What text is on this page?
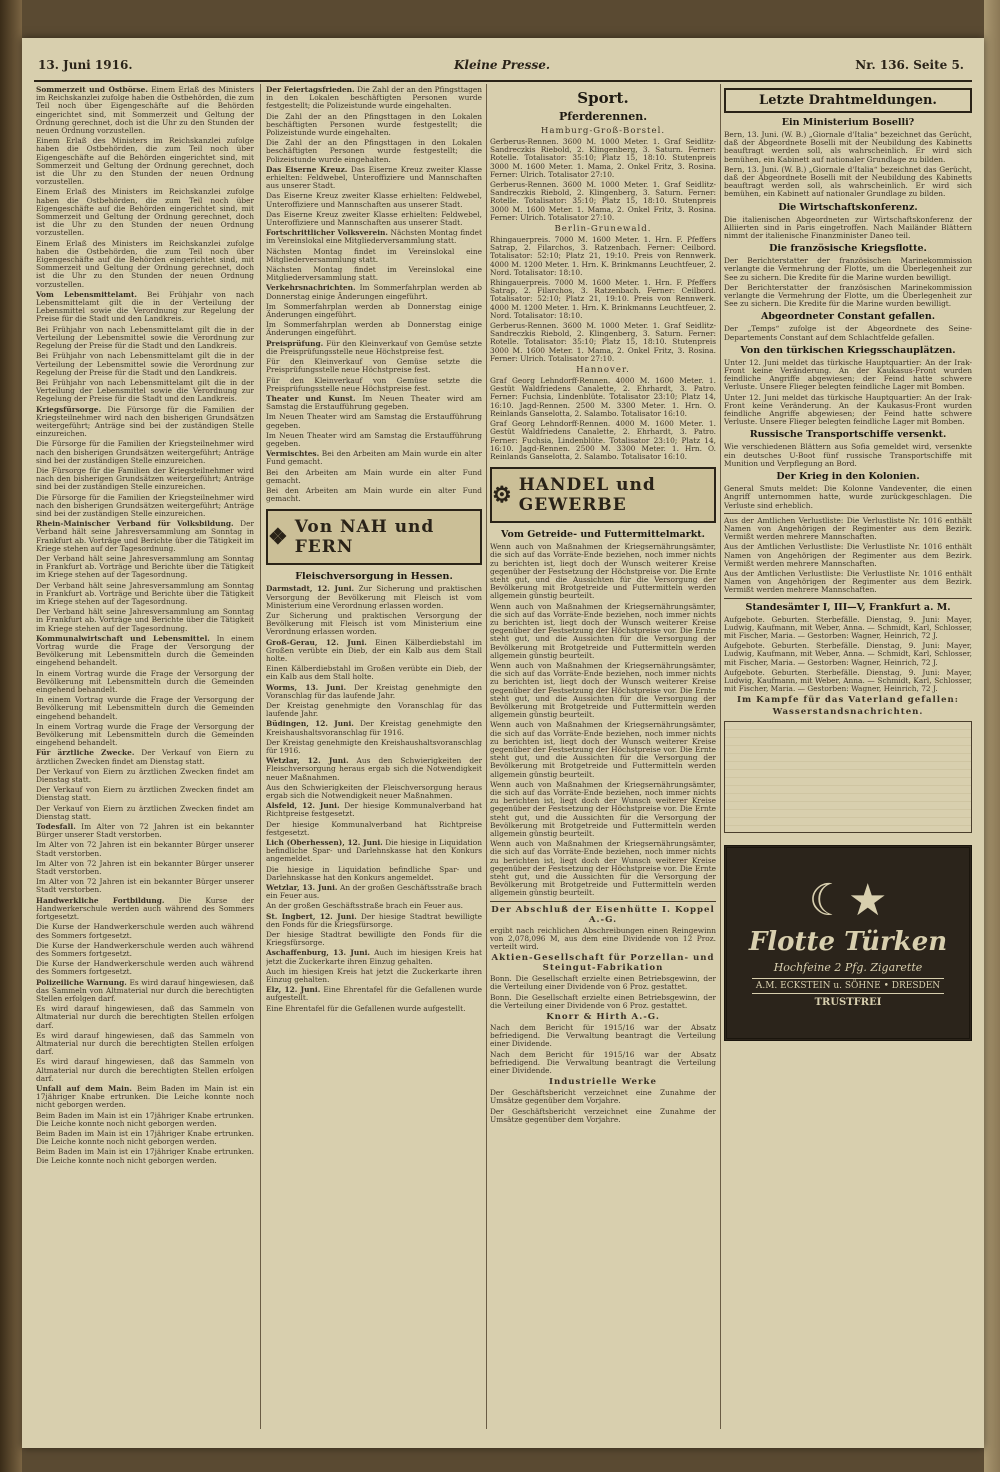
13. Juni 1916.	Kleine Presse.	Nr. 136. Seite 5.

Sommerzeit und Ostbörse. Einem Erlaß des Ministers im Reichskanzlei zufolge haben die Ostbehörden, die zum Teil noch über Eigengeschäfte auf die Behörden eingerichtet sind, mit Sommerzeit und Geltung der Ordnung gerechnet, doch ist die Uhr zu den Stunden der neuen Ordnung vorzustellen.

Einem Erlaß des Ministers im Reichskanzlei zufolge haben die Ostbehörden, die zum Teil noch über Eigengeschäfte auf die Behörden eingerichtet sind, mit Sommerzeit und Geltung der Ordnung gerechnet, doch ist die Uhr zu den Stunden der neuen Ordnung vorzustellen.

Einem Erlaß des Ministers im Reichskanzlei zufolge haben die Ostbehörden, die zum Teil noch über Eigengeschäfte auf die Behörden eingerichtet sind, mit Sommerzeit und Geltung der Ordnung gerechnet, doch ist die Uhr zu den Stunden der neuen Ordnung vorzustellen.

Einem Erlaß des Ministers im Reichskanzlei zufolge haben die Ostbehörden, die zum Teil noch über Eigengeschäfte auf die Behörden eingerichtet sind, mit Sommerzeit und Geltung der Ordnung gerechnet, doch ist die Uhr zu den Stunden der neuen Ordnung vorzustellen.

Vom Lebensmittelamt. Bei Frühjahr von nach Lebensmittelamt gilt die in der Verteilung der Lebensmittel sowie die Verordnung zur Regelung der Preise für die Stadt und den Landkreis.

Bei Frühjahr von nach Lebensmittelamt gilt die in der Verteilung der Lebensmittel sowie die Verordnung zur Regelung der Preise für die Stadt und den Landkreis.

Bei Frühjahr von nach Lebensmittelamt gilt die in der Verteilung der Lebensmittel sowie die Verordnung zur Regelung der Preise für die Stadt und den Landkreis.

Bei Frühjahr von nach Lebensmittelamt gilt die in der Verteilung der Lebensmittel sowie die Verordnung zur Regelung der Preise für die Stadt und den Landkreis.

Kriegsfürsorge. Die Fürsorge für die Familien der Kriegsteilnehmer wird nach den bisherigen Grundsätzen weitergeführt; Anträge sind bei der zuständigen Stelle einzureichen.

Die Fürsorge für die Familien der Kriegsteilnehmer wird nach den bisherigen Grundsätzen weitergeführt; Anträge sind bei der zuständigen Stelle einzureichen.

Die Fürsorge für die Familien der Kriegsteilnehmer wird nach den bisherigen Grundsätzen weitergeführt; Anträge sind bei der zuständigen Stelle einzureichen.

Die Fürsorge für die Familien der Kriegsteilnehmer wird nach den bisherigen Grundsätzen weitergeführt; Anträge sind bei der zuständigen Stelle einzureichen.

Rhein-Mainischer Verband für Volksbildung. Der Verband hält seine Jahresversammlung am Sonntag in Frankfurt ab. Vorträge und Berichte über die Tätigkeit im Kriege stehen auf der Tagesordnung.

Der Verband hält seine Jahresversammlung am Sonntag in Frankfurt ab. Vorträge und Berichte über die Tätigkeit im Kriege stehen auf der Tagesordnung.

Der Verband hält seine Jahresversammlung am Sonntag in Frankfurt ab. Vorträge und Berichte über die Tätigkeit im Kriege stehen auf der Tagesordnung.

Der Verband hält seine Jahresversammlung am Sonntag in Frankfurt ab. Vorträge und Berichte über die Tätigkeit im Kriege stehen auf der Tagesordnung.

Kommunalwirtschaft und Lebensmittel. In einem Vortrag wurde die Frage der Versorgung der Bevölkerung mit Lebensmitteln durch die Gemeinden eingehend behandelt.

In einem Vortrag wurde die Frage der Versorgung der Bevölkerung mit Lebensmitteln durch die Gemeinden eingehend behandelt.

In einem Vortrag wurde die Frage der Versorgung der Bevölkerung mit Lebensmitteln durch die Gemeinden eingehend behandelt.

In einem Vortrag wurde die Frage der Versorgung der Bevölkerung mit Lebensmitteln durch die Gemeinden eingehend behandelt.

Für ärztliche Zwecke. Der Verkauf von Eiern zu ärztlichen Zwecken findet am Dienstag statt.

Der Verkauf von Eiern zu ärztlichen Zwecken findet am Dienstag statt.

Der Verkauf von Eiern zu ärztlichen Zwecken findet am Dienstag statt.

Der Verkauf von Eiern zu ärztlichen Zwecken findet am Dienstag statt.

Todesfall. Im Alter von 72 Jahren ist ein bekannter Bürger unserer Stadt verstorben.

Im Alter von 72 Jahren ist ein bekannter Bürger unserer Stadt verstorben.

Im Alter von 72 Jahren ist ein bekannter Bürger unserer Stadt verstorben.

Im Alter von 72 Jahren ist ein bekannter Bürger unserer Stadt verstorben.

Handwerkliche Fortbildung. Die Kurse der Handwerkerschule werden auch während des Sommers fortgesetzt.

Die Kurse der Handwerkerschule werden auch während des Sommers fortgesetzt.

Die Kurse der Handwerkerschule werden auch während des Sommers fortgesetzt.

Die Kurse der Handwerkerschule werden auch während des Sommers fortgesetzt.

Polizeiliche Warnung. Es wird darauf hingewiesen, daß das Sammeln von Altmaterial nur durch die berechtigten Stellen erfolgen darf.

Es wird darauf hingewiesen, daß das Sammeln von Altmaterial nur durch die berechtigten Stellen erfolgen darf.

Es wird darauf hingewiesen, daß das Sammeln von Altmaterial nur durch die berechtigten Stellen erfolgen darf.

Es wird darauf hingewiesen, daß das Sammeln von Altmaterial nur durch die berechtigten Stellen erfolgen darf.

Unfall auf dem Main. Beim Baden im Main ist ein 17jähriger Knabe ertrunken. Die Leiche konnte noch nicht geborgen werden.

Beim Baden im Main ist ein 17jähriger Knabe ertrunken. Die Leiche konnte noch nicht geborgen werden.

Beim Baden im Main ist ein 17jähriger Knabe ertrunken. Die Leiche konnte noch nicht geborgen werden.

Beim Baden im Main ist ein 17jähriger Knabe ertrunken. Die Leiche konnte noch nicht geborgen werden.

Der Feiertagsfrieden. Die Zahl der an den Pfingsttagen in den Lokalen beschäftigten Personen wurde festgestellt; die Polizeistunde wurde eingehalten.

Die Zahl der an den Pfingsttagen in den Lokalen beschäftigten Personen wurde festgestellt; die Polizeistunde wurde eingehalten.

Die Zahl der an den Pfingsttagen in den Lokalen beschäftigten Personen wurde festgestellt; die Polizeistunde wurde eingehalten.

Das Eiserne Kreuz. Das Eiserne Kreuz zweiter Klasse erhielten: Feldwebel, Unteroffiziere und Mannschaften aus unserer Stadt.

Das Eiserne Kreuz zweiter Klasse erhielten: Feldwebel, Unteroffiziere und Mannschaften aus unserer Stadt.

Das Eiserne Kreuz zweiter Klasse erhielten: Feldwebel, Unteroffiziere und Mannschaften aus unserer Stadt.

Fortschrittlicher Volksverein. Nächsten Montag findet im Vereinslokal eine Mitgliederversammlung statt.

Nächsten Montag findet im Vereinslokal eine Mitgliederversammlung statt.

Nächsten Montag findet im Vereinslokal eine Mitgliederversammlung statt.

Verkehrsnachrichten. Im Sommerfahrplan werden ab Donnerstag einige Änderungen eingeführt.

Im Sommerfahrplan werden ab Donnerstag einige Änderungen eingeführt.

Im Sommerfahrplan werden ab Donnerstag einige Änderungen eingeführt.

Preisprüfung. Für den Kleinverkauf von Gemüse setzte die Preisprüfungsstelle neue Höchstpreise fest.

Für den Kleinverkauf von Gemüse setzte die Preisprüfungsstelle neue Höchstpreise fest.

Für den Kleinverkauf von Gemüse setzte die Preisprüfungsstelle neue Höchstpreise fest.

Theater und Kunst. Im Neuen Theater wird am Samstag die Erstaufführung gegeben.

Im Neuen Theater wird am Samstag die Erstaufführung gegeben.

Im Neuen Theater wird am Samstag die Erstaufführung gegeben.

Vermischtes. Bei den Arbeiten am Main wurde ein alter Fund gemacht.

Bei den Arbeiten am Main wurde ein alter Fund gemacht.

Bei den Arbeiten am Main wurde ein alter Fund gemacht.

❖ Von NAH und FERN
Fleischversorgung in Hessen.

Darmstadt, 12. Juni. Zur Sicherung und praktischen Versorgung der Bevölkerung mit Fleisch ist vom Ministerium eine Verordnung erlassen worden.

Zur Sicherung und praktischen Versorgung der Bevölkerung mit Fleisch ist vom Ministerium eine Verordnung erlassen worden.

Groß-Gerau, 12. Juni. Einen Kälberdiebstahl im Großen verübte ein Dieb, der ein Kalb aus dem Stall holte.

Einen Kälberdiebstahl im Großen verübte ein Dieb, der ein Kalb aus dem Stall holte.

Worms, 13. Juni. Der Kreistag genehmigte den Voranschlag für das laufende Jahr.

Der Kreistag genehmigte den Voranschlag für das laufende Jahr.

Büdingen, 12. Juni. Der Kreistag genehmigte den Kreishaushaltsvoranschlag für 1916.

Der Kreistag genehmigte den Kreishaushaltsvoranschlag für 1916.

Wetzlar, 12. Juni. Aus den Schwierigkeiten der Fleischversorgung heraus ergab sich die Notwendigkeit neuer Maßnahmen.

Aus den Schwierigkeiten der Fleischversorgung heraus ergab sich die Notwendigkeit neuer Maßnahmen.

Alsfeld, 12. Juni. Der hiesige Kommunalverband hat Richtpreise festgesetzt.

Der hiesige Kommunalverband hat Richtpreise festgesetzt.

Lich (Oberhessen), 12. Juni. Die hiesige in Liquidation befindliche Spar- und Darlehnskasse hat den Konkurs angemeldet.

Die hiesige in Liquidation befindliche Spar- und Darlehnskasse hat den Konkurs angemeldet.

Wetzlar, 13. Juni. An der großen Geschäftsstraße brach ein Feuer aus.

An der großen Geschäftsstraße brach ein Feuer aus.

St. Ingbert, 12. Juni. Der hiesige Stadtrat bewilligte den Fonds für die Kriegsfürsorge.

Der hiesige Stadtrat bewilligte den Fonds für die Kriegsfürsorge.

Aschaffenburg, 13. Juni. Auch im hiesigen Kreis hat jetzt die Zuckerkarte ihren Einzug gehalten.

Auch im hiesigen Kreis hat jetzt die Zuckerkarte ihren Einzug gehalten.

Elz, 12. Juni. Eine Ehrentafel für die Gefallenen wurde aufgestellt.

Eine Ehrentafel für die Gefallenen wurde aufgestellt.

Sport.
Pferderennen.
Hamburg-Groß-Borstel.

Gerberus-Rennen. 3600 M. 1000 Meter. 1. Graf Seidlitz-Sandreczkis Riebold, 2. Klingenberg, 3. Saturn. Ferner: Rotelle. Totalisator: 35:10; Platz 15, 18:10. Stutenpreis 3000 M. 1600 Meter. 1. Mama, 2. Onkel Fritz, 3. Rosina. Ferner: Ulrich. Totalisator 27:10.

Gerberus-Rennen. 3600 M. 1000 Meter. 1. Graf Seidlitz-Sandreczkis Riebold, 2. Klingenberg, 3. Saturn. Ferner: Rotelle. Totalisator: 35:10; Platz 15, 18:10. Stutenpreis 3000 M. 1600 Meter. 1. Mama, 2. Onkel Fritz, 3. Rosina. Ferner: Ulrich. Totalisator 27:10.

Berlin-Grunewald.

Rhingauerpreis. 7000 M. 1600 Meter. 1. Hrn. F. Pfeffers Satrap, 2. Filarchos, 3. Ratzenbach. Ferner: Ceilbord. Totalisator: 52:10; Platz 21, 19:10. Preis von Rennwerk. 4000 M. 1200 Meter. 1. Hrn. K. Brinkmanns Leuchtfeuer, 2. Nord. Totalisator: 18:10.

Rhingauerpreis. 7000 M. 1600 Meter. 1. Hrn. F. Pfeffers Satrap, 2. Filarchos, 3. Ratzenbach. Ferner: Ceilbord. Totalisator: 52:10; Platz 21, 19:10. Preis von Rennwerk. 4000 M. 1200 Meter. 1. Hrn. K. Brinkmanns Leuchtfeuer, 2. Nord. Totalisator: 18:10.

Gerberus-Rennen. 3600 M. 1000 Meter. 1. Graf Seidlitz-Sandreczkis Riebold, 2. Klingenberg, 3. Saturn. Ferner: Rotelle. Totalisator: 35:10; Platz 15, 18:10. Stutenpreis 3000 M. 1600 Meter. 1. Mama, 2. Onkel Fritz, 3. Rosina. Ferner: Ulrich. Totalisator 27:10.

Hannover.

Graf Georg Lehndorff-Rennen. 4000 M. 1600 Meter. 1. Gestüt Waldfriedens Canalette, 2. Ehrhardt, 3. Patro. Ferner: Fuchsia, Lindenblüte. Totalisator 23:10; Platz 14, 16:10. Jagd-Rennen. 2500 M. 3300 Meter. 1. Hrn. O. Reinlands Ganselotta, 2. Salambo. Totalisator 16:10.

Graf Georg Lehndorff-Rennen. 4000 M. 1600 Meter. 1. Gestüt Waldfriedens Canalette, 2. Ehrhardt, 3. Patro. Ferner: Fuchsia, Lindenblüte. Totalisator 23:10; Platz 14, 16:10. Jagd-Rennen. 2500 M. 3300 Meter. 1. Hrn. O. Reinlands Ganselotta, 2. Salambo. Totalisator 16:10.

⚙ HANDEL und GEWERBE
Vom Getreide- und Futtermittelmarkt.

Wenn auch von Maßnahmen der Kriegsernährungsämter, die sich auf das Vorräte-Ende beziehen, noch immer nichts zu berichten ist, liegt doch der Wunsch weiterer Kreise gegenüber der Festsetzung der Höchstpreise vor. Die Ernte steht gut, und die Aussichten für die Versorgung der Bevölkerung mit Brotgetreide und Futtermitteln werden allgemein günstig beurteilt.

Wenn auch von Maßnahmen der Kriegsernährungsämter, die sich auf das Vorräte-Ende beziehen, noch immer nichts zu berichten ist, liegt doch der Wunsch weiterer Kreise gegenüber der Festsetzung der Höchstpreise vor. Die Ernte steht gut, und die Aussichten für die Versorgung der Bevölkerung mit Brotgetreide und Futtermitteln werden allgemein günstig beurteilt.

Wenn auch von Maßnahmen der Kriegsernährungsämter, die sich auf das Vorräte-Ende beziehen, noch immer nichts zu berichten ist, liegt doch der Wunsch weiterer Kreise gegenüber der Festsetzung der Höchstpreise vor. Die Ernte steht gut, und die Aussichten für die Versorgung der Bevölkerung mit Brotgetreide und Futtermitteln werden allgemein günstig beurteilt.

Wenn auch von Maßnahmen der Kriegsernährungsämter, die sich auf das Vorräte-Ende beziehen, noch immer nichts zu berichten ist, liegt doch der Wunsch weiterer Kreise gegenüber der Festsetzung der Höchstpreise vor. Die Ernte steht gut, und die Aussichten für die Versorgung der Bevölkerung mit Brotgetreide und Futtermitteln werden allgemein günstig beurteilt.

Wenn auch von Maßnahmen der Kriegsernährungsämter, die sich auf das Vorräte-Ende beziehen, noch immer nichts zu berichten ist, liegt doch der Wunsch weiterer Kreise gegenüber der Festsetzung der Höchstpreise vor. Die Ernte steht gut, und die Aussichten für die Versorgung der Bevölkerung mit Brotgetreide und Futtermitteln werden allgemein günstig beurteilt.

Wenn auch von Maßnahmen der Kriegsernährungsämter, die sich auf das Vorräte-Ende beziehen, noch immer nichts zu berichten ist, liegt doch der Wunsch weiterer Kreise gegenüber der Festsetzung der Höchstpreise vor. Die Ernte steht gut, und die Aussichten für die Versorgung der Bevölkerung mit Brotgetreide und Futtermitteln werden allgemein günstig beurteilt.

Der Abschluß der Eisenhütte I. Koppel A.-G.

ergibt nach reichlichen Abschreibungen einen Reingewinn von 2,078,096 M, aus dem eine Dividende von 12 Proz. verteilt wird.

Aktien-Gesellschaft für Porzellan- und Steingut-Fabrikation

Bonn. Die Gesellschaft erzielte einen Betriebsgewinn, der die Verteilung einer Dividende von 6 Proz. gestattet.

Bonn. Die Gesellschaft erzielte einen Betriebsgewinn, der die Verteilung einer Dividende von 6 Proz. gestattet.

Knorr & Hirth A.-G.

Nach dem Bericht für 1915/16 war der Absatz befriedigend. Die Verwaltung beantragt die Verteilung einer Dividende.

Nach dem Bericht für 1915/16 war der Absatz befriedigend. Die Verwaltung beantragt die Verteilung einer Dividende.

Industrielle Werke

Der Geschäftsbericht verzeichnet eine Zunahme der Umsätze gegenüber dem Vorjahre.

Der Geschäftsbericht verzeichnet eine Zunahme der Umsätze gegenüber dem Vorjahre.

Letzte Drahtmeldungen.
Ein Ministerium Boselli?

Bern, 13. Juni. (W. B.) „Giornale d'Italia“ bezeichnet das Gerücht, daß der Abgeordnete Boselli mit der Neubildung des Kabinetts beauftragt werden soll, als wahrscheinlich. Er wird sich bemühen, ein Kabinett auf nationaler Grundlage zu bilden.

Bern, 13. Juni. (W. B.) „Giornale d'Italia“ bezeichnet das Gerücht, daß der Abgeordnete Boselli mit der Neubildung des Kabinetts beauftragt werden soll, als wahrscheinlich. Er wird sich bemühen, ein Kabinett auf nationaler Grundlage zu bilden.

Die Wirtschaftskonferenz.

Die italienischen Abgeordneten zur Wirtschaftskonferenz der Alliierten sind in Paris eingetroffen. Nach Mailänder Blättern nimmt der italienische Finanzminister Daneo teil.

Die französische Kriegsflotte.

Der Berichterstatter der französischen Marinekommission verlangte die Vermehrung der Flotte, um die Überlegenheit zur See zu sichern. Die Kredite für die Marine wurden bewilligt.

Der Berichterstatter der französischen Marinekommission verlangte die Vermehrung der Flotte, um die Überlegenheit zur See zu sichern. Die Kredite für die Marine wurden bewilligt.

Abgeordneter Constant gefallen.

Der „Temps“ zufolge ist der Abgeordnete des Seine-Departements Constant auf dem Schlachtfelde gefallen.

Von den türkischen Kriegsschauplätzen.

Unter 12. Juni meldet das türkische Hauptquartier: An der Irak-Front keine Veränderung. An der Kaukasus-Front wurden feindliche Angriffe abgewiesen; der Feind hatte schwere Verluste. Unsere Flieger belegten feindliche Lager mit Bomben.

Unter 12. Juni meldet das türkische Hauptquartier: An der Irak-Front keine Veränderung. An der Kaukasus-Front wurden feindliche Angriffe abgewiesen; der Feind hatte schwere Verluste. Unsere Flieger belegten feindliche Lager mit Bomben.

Russische Transportschiffe versenkt.

Wie verschiedenen Blättern aus Sofia gemeldet wird, versenkte ein deutsches U-Boot fünf russische Transportschiffe mit Munition und Verpflegung an Bord.

Der Krieg in den Kolonien.

General Smuts meldet: Die Kolonne Vandeventer, die einen Angriff unternommen hatte, wurde zurückgeschlagen. Die Verluste sind erheblich.

Aus der Amtlichen Verlustliste: Die Verlustliste Nr. 1016 enthält Namen von Angehörigen der Regimenter aus dem Bezirk. Vermißt werden mehrere Mannschaften.

Aus der Amtlichen Verlustliste: Die Verlustliste Nr. 1016 enthält Namen von Angehörigen der Regimenter aus dem Bezirk. Vermißt werden mehrere Mannschaften.

Aus der Amtlichen Verlustliste: Die Verlustliste Nr. 1016 enthält Namen von Angehörigen der Regimenter aus dem Bezirk. Vermißt werden mehrere Mannschaften.

Standesämter I, III—V, Frankfurt a. M.

Aufgebote. Geburten. Sterbefälle. Dienstag, 9. Juni: Mayer, Ludwig, Kaufmann, mit Weber, Anna. — Schmidt, Karl, Schlosser, mit Fischer, Maria. — Gestorben: Wagner, Heinrich, 72 J.

Aufgebote. Geburten. Sterbefälle. Dienstag, 9. Juni: Mayer, Ludwig, Kaufmann, mit Weber, Anna. — Schmidt, Karl, Schlosser, mit Fischer, Maria. — Gestorben: Wagner, Heinrich, 72 J.

Aufgebote. Geburten. Sterbefälle. Dienstag, 9. Juni: Mayer, Ludwig, Kaufmann, mit Weber, Anna. — Schmidt, Karl, Schlosser, mit Fischer, Maria. — Gestorben: Wagner, Heinrich, 72 J.

Im Kampfe für das Vaterland gefallen:
Wasserstandsnachrichten.
☾★
Flotte Türken
Hochfeine 2 Pfg. Zigarette
A.M. ECKSTEIN u. SÖHNE • DRESDEN
TRUSTFREI
